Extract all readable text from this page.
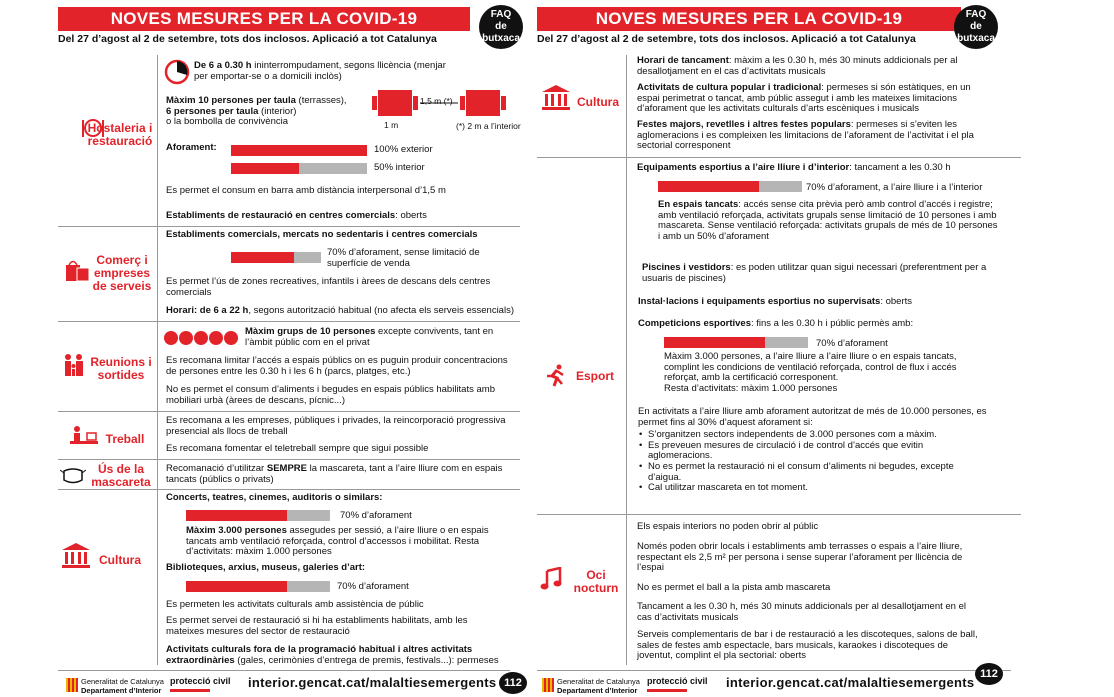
NOVES MESURES PER LA COVID-19	FAQ
de
butxaca
Del 27 d’agost al 2 de setembre, tots dos inclosos. Aplicació a tot Catalunya
Hostaleria i
restauració
De 6 a 0.30 h ininterrompudament, segons llicència (menjar per emportar-se o a domicili inclòs)
Màxim 10 persones per taula (terrasses),
6 persones per taula (interior)
o la bombolla de convivència
1,5 m (*)
1 m	(*) 2 m a l’interior
Aforament:	100% exterior
50% interior
Es permet el consum en barra amb distància interpersonal d’1,5 m
Establiments de restauració en centres comercials: oberts
Comerç i
empreses
de serveis
Establiments comercials, mercats no sedentaris i centres comercials
70% d’aforament, sense limitació de
superfície de venda
Es permet l’ús de zones recreatives, infantils i àrees de descans dels centres comercials
Horari: de 6 a 22 h, segons autorització habitual (no afecta els serveis essencials)
Reunions i
sortides
Màxim grups de 10 persones excepte convivents, tant en l’àmbit públic com en el privat
Es recomana limitar l’accés a espais públics on es puguin produir concentracions de persones entre les 0.30 h i les 6 h (parcs, platges, etc.)
No es permet el consum d’aliments i begudes en espais públics habilitats amb mobiliari urbà (àrees de descans, pícnic...)
Treball
Es recomana a les empreses, públiques i privades, la reincorporació progressiva presencial als llocs de treball
Es recomana fomentar el teletreball sempre que sigui possible
Ús de la
mascareta
Recomanació d’utilitzar SEMPRE la mascareta, tant a l’aire lliure com en espais tancats (públics o privats)
Cultura
Concerts, teatres, cinemes, auditoris o similars:
70% d’aforament
Màxim 3.000 persones assegudes per sessió, a l’aire lliure o en espais tancats amb ventilació reforçada, control d’accessos i mobilitat. Resta d’activitats: màxim 1.000 persones
Biblioteques, arxius, museus, galeries d’art:
70% d’aforament
Es permeten les activitats culturals amb assistència de públic
Es permet servei de restauració si hi ha establiments habilitats, amb les mateixes mesures del sector de restauració
Activitats culturals fora de la programació habitual i altres activitats extraordinàries (gales, cerimònies d’entrega de premis, festivals...): permeses
Generalitat de Catalunya
Departament d’Interior
protecció civil interior.gencat.cat/malaltiesemergents 112
NOVES MESURES PER LA COVID-19	FAQ
de
butxaca
Del 27 d’agost al 2 de setembre, tots dos inclosos. Aplicació a tot Catalunya
Cultura
Horari de tancament: màxim a les 0.30 h, més 30 minuts addicionals per al desallotjament en el cas d’activitats musicals
Activitats de cultura popular i tradicional: permeses si són estàtiques, en un espai perimetrat o tancat, amb públic assegut i amb les mateixes limitacions d’aforament que les activitats culturals d’arts escèniques i musicals
Festes majors, revetlles i altres festes populars: permeses si s’eviten les aglomeracions i es compleixen les limitacions de l’aforament de l’activitat i el pla sectorial corresponent
Esport
Equipaments esportius a l’aire lliure i d’interior: tancament a les 0.30 h
70% d’aforament, a l’aire lliure i a l’interior
En espais tancats: accés sense cita prèvia però amb control d’accés i registre; amb ventilació reforçada, activitats grupals sense limitació de 10 persones i amb mascareta. Sense ventilació reforçada: activitats grupals de més de 10 persones i amb un 50% d’aforament
Piscines i vestidors: es poden utilitzar quan sigui necessari (preferentment per a usuaris de piscines)
Instal·lacions i equipaments esportius no supervisats: oberts
Competicions esportives: fins a les 0.30 h i públic permès amb:
70% d’aforament
Màxim 3.000 persones, a l’aire lliure a l’aire lliure o en espais tancats, complint les condicions de ventilació reforçada, control de flux i accés reforçat, amb la certificació corresponent.
Resta d’activitats: màxim 1.000 persones
En activitats a l’aire lliure amb aforament autoritzat de més de 10.000 persones, es permet fins al 30% d’aquest aforament si:
• S’organitzen sectors independents de 3.000 persones com a màxim.
• Es preveuen mesures de circulació i de control d’accés que evitin aglomeracions.
• No es permet la restauració ni el consum d’aliments ni begudes, excepte d’aigua.
• Cal utilitzar mascareta en tot moment.
Oci
nocturn
Els espais interiors no poden obrir al públic
Només poden obrir locals i establiments amb terrasses o espais a l’aire lliure, respectant els 2,5 m² per persona i sense superar l’aforament per llicència de l’espai
No es permet el ball a la pista amb mascareta
Tancament a les 0.30 h, més 30 minuts addicionals per al desallotjament en el cas d’activitats musicals
Serveis complementaris de bar i de restauració a les discoteques, salons de ball, sales de festes amb espectacle, bars musicals, karaokes i discoteques de joventut, complint el pla sectorial: oberts
Generalitat de Catalunya
Departament d’Interior
protecció civil interior.gencat.cat/malaltiesemergents
112
